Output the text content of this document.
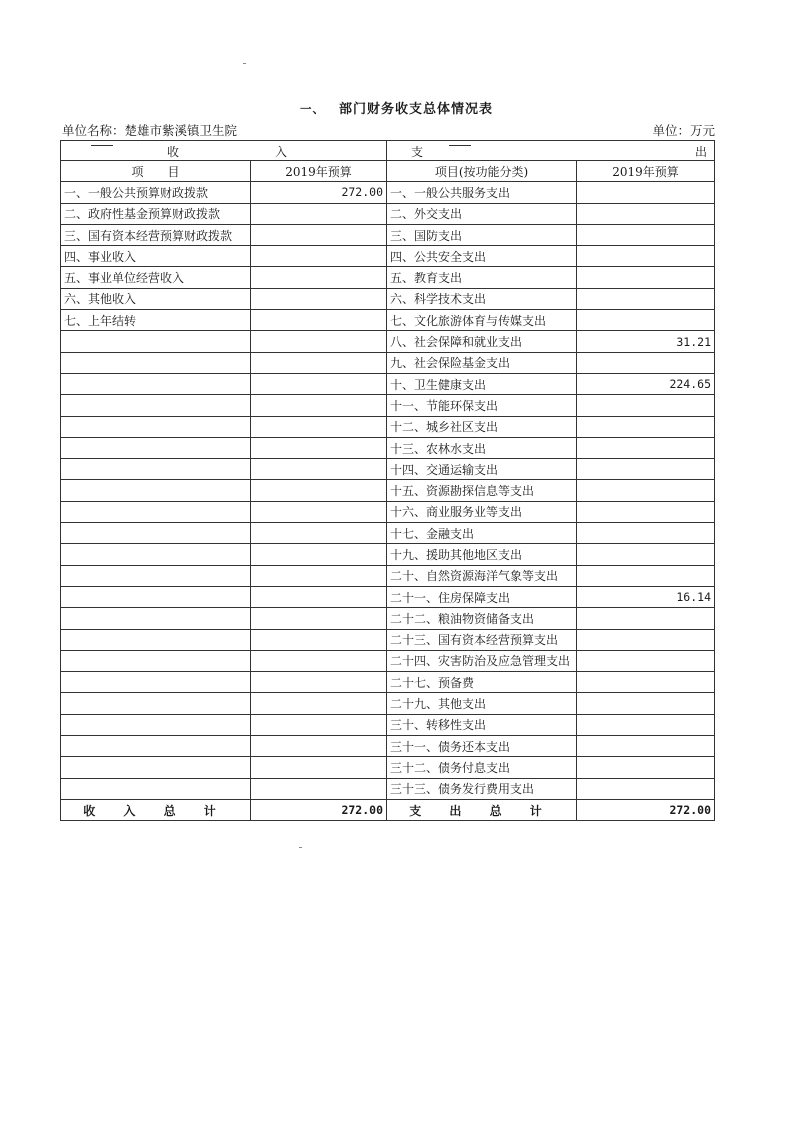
一、 部门财务收支总体情况表
单位名称：楚雄市紫溪镇卫生院	单位：万元
收 入		支 出	

项　　目	2019年预算	项目(按功能分类)	2019年预算
一、一般公共预算财政拨款	272.00	一、一般公共服务支出	
二、政府性基金预算财政拨款		二、外交支出	
三、国有资本经营预算财政拨款		三、国防支出	
四、事业收入		四、公共安全支出	
五、事业单位经营收入		五、教育支出	
六、其他收入		六、科学技术支出	
七、上年结转		七、文化旅游体育与传媒支出	
		八、社会保障和就业支出	31.21
		九、社会保险基金支出	
		十、卫生健康支出	224.65
		十一、节能环保支出	
		十二、城乡社区支出	
		十三、农林水支出	
		十四、交通运输支出	
		十五、资源勘探信息等支出	
		十六、商业服务业等支出	
		十七、金融支出	
		十九、援助其他地区支出	
		二十、自然资源海洋气象等支出	
		二十一、住房保障支出	16.14
		二十二、粮油物资储备支出	
		二十三、国有资本经营预算支出	
		二十四、灾害防治及应急管理支出	
		二十七、预备费	
		二十九、其他支出	
		三十、转移性支出	
		三十一、债务还本支出	
		三十二、债务付息支出	
		三十三、债务发行费用支出	
收 入 总 计	272.00	支 出 总 计	272.00
